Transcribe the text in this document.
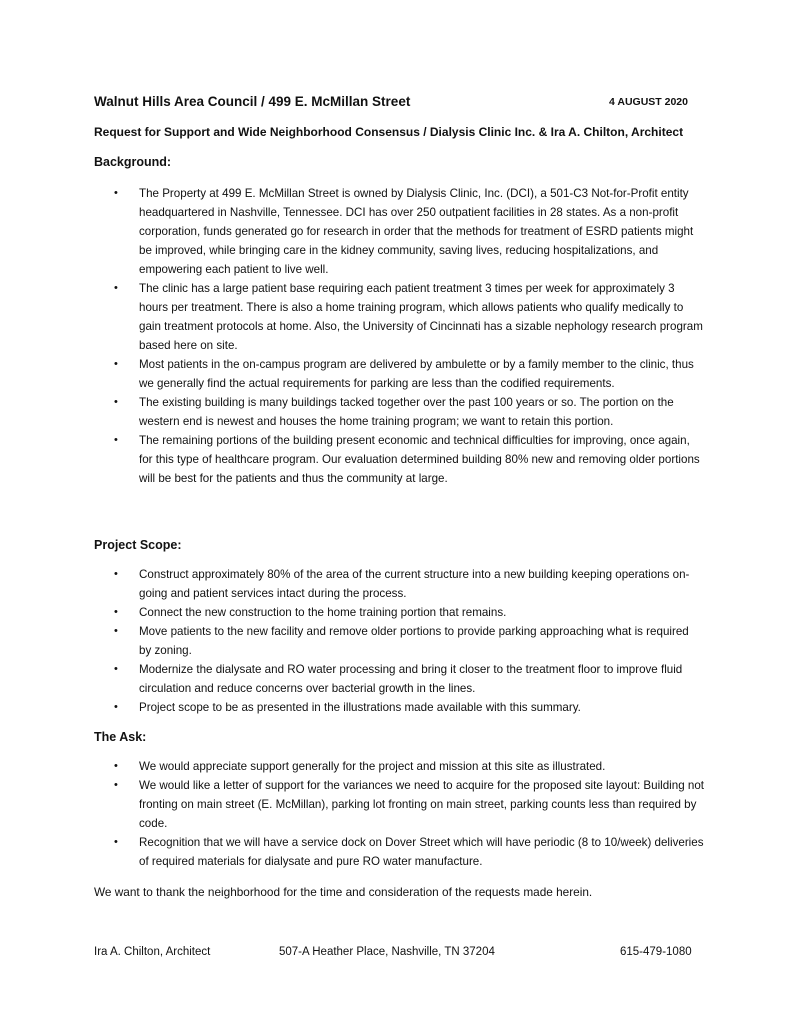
Walnut Hills Area Council / 499 E. McMillan Street	4 AUGUST 2020
Request for Support and Wide Neighborhood Consensus / Dialysis Clinic Inc. & Ira A. Chilton, Architect
Background:
• The Property at 499 E. McMillan Street is owned by Dialysis Clinic, Inc. (DCI), a 501-C3 Not-for-Profit entity headquartered in Nashville, Tennessee. DCI has over 250 outpatient facilities in 28 states. As a non-profit corporation, funds generated go for research in order that the methods for treatment of ESRD patients might be improved, while bringing care in the kidney community, saving lives, reducing hospitalizations, and empowering each patient to live well.
• The clinic has a large patient base requiring each patient treatment 3 times per week for approximately 3 hours per treatment. There is also a home training program, which allows patients who qualify medically to gain treatment protocols at home. Also, the University of Cincinnati has a sizable nephology research program based here on site.
• Most patients in the on-campus program are delivered by ambulette or by a family member to the clinic, thus we generally find the actual requirements for parking are less than the codified requirements.
• The existing building is many buildings tacked together over the past 100 years or so. The portion on the western end is newest and houses the home training program; we want to retain this portion.
• The remaining portions of the building present economic and technical difficulties for improving, once again, for this type of healthcare program. Our evaluation determined building 80% new and removing older portions will be best for the patients and thus the community at large.
Project Scope:
• Construct approximately 80% of the area of the current structure into a new building keeping operations on-going and patient services intact during the process.
• Connect the new construction to the home training portion that remains.
• Move patients to the new facility and remove older portions to provide parking approaching what is required by zoning.
• Modernize the dialysate and RO water processing and bring it closer to the treatment floor to improve fluid circulation and reduce concerns over bacterial growth in the lines.
• Project scope to be as presented in the illustrations made available with this summary.
The Ask:
• We would appreciate support generally for the project and mission at this site as illustrated.
• We would like a letter of support for the variances we need to acquire for the proposed site layout: Building not fronting on main street (E. McMillan), parking lot fronting on main street, parking counts less than required by code.
• Recognition that we will have a service dock on Dover Street which will have periodic (8 to 10/week) deliveries of required materials for dialysate and pure RO water manufacture.
We want to thank the neighborhood for the time and consideration of the requests made herein.
Ira A. Chilton, Architect	507-A Heather Place, Nashville, TN 37204	615-479-1080
